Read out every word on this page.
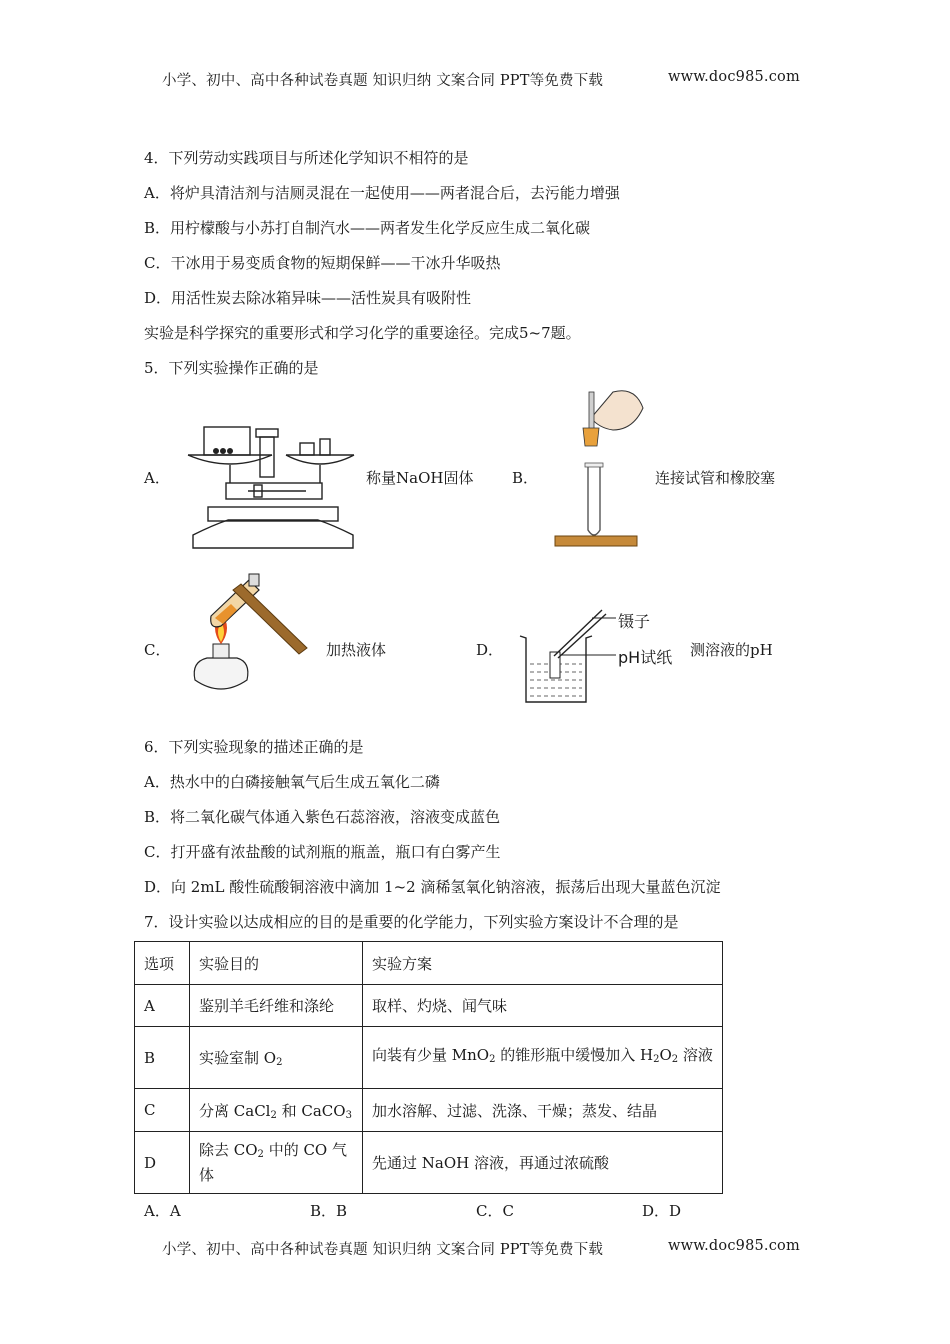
小学、初中、高中各种试卷真题 知识归纳 文案合同 PPT等免费下载	www.doc985.com
4．下列劳动实践项目与所述化学知识不相符的是
A．将炉具清洁剂与洁厕灵混在一起使用——两者混合后，去污能力增强
B．用柠檬酸与小苏打自制汽水——两者发生化学反应生成二氧化碳
C．干冰用于易变质食物的短期保鲜——干冰升华吸热
D．用活性炭去除冰箱异味——活性炭具有吸附性
实验是科学探究的重要形式和学习化学的重要途径。完成5~7题。
5．下列实验操作正确的是
A．	称量NaOH固体	B．	连接试管和橡胶塞
C．	加热液体	D．
镊子
pH试纸 测溶液的pH
6．下列实验现象的描述正确的是
A．热水中的白磷接触氧气后生成五氧化二磷
B．将二氧化碳气体通入紫色石蕊溶液，溶液变成蓝色
C．打开盛有浓盐酸的试剂瓶的瓶盖，瓶口有白雾产生
D．向 2mL 酸性硫酸铜溶液中滴加 1~2 滴稀氢氧化钠溶液，振荡后出现大量蓝色沉淀
7．设计实验以达成相应的目的是重要的化学能力，下列实验方案设计不合理的是
选项	实验目的	实验方案
A	鉴别羊毛纤维和涤纶	取样、灼烧、闻气味
B	实验室制 $O_2$	向装有少量 MnO$_2$ 的锥形瓶中缓慢加入 $H_2O_2$ 溶液
C	分离 CaCl$_2$ 和 CaCO$_3$	加水溶解、过滤、洗涤、干燥；蒸发、结晶
D	除去 $CO_2$ 中的 CO 气体	先通过 NaOH 溶液，再通过浓硫酸
A．A	B．B	C．C	D．D
小学、初中、高中各种试卷真题 知识归纳 文案合同 PPT等免费下载	www.doc985.com
